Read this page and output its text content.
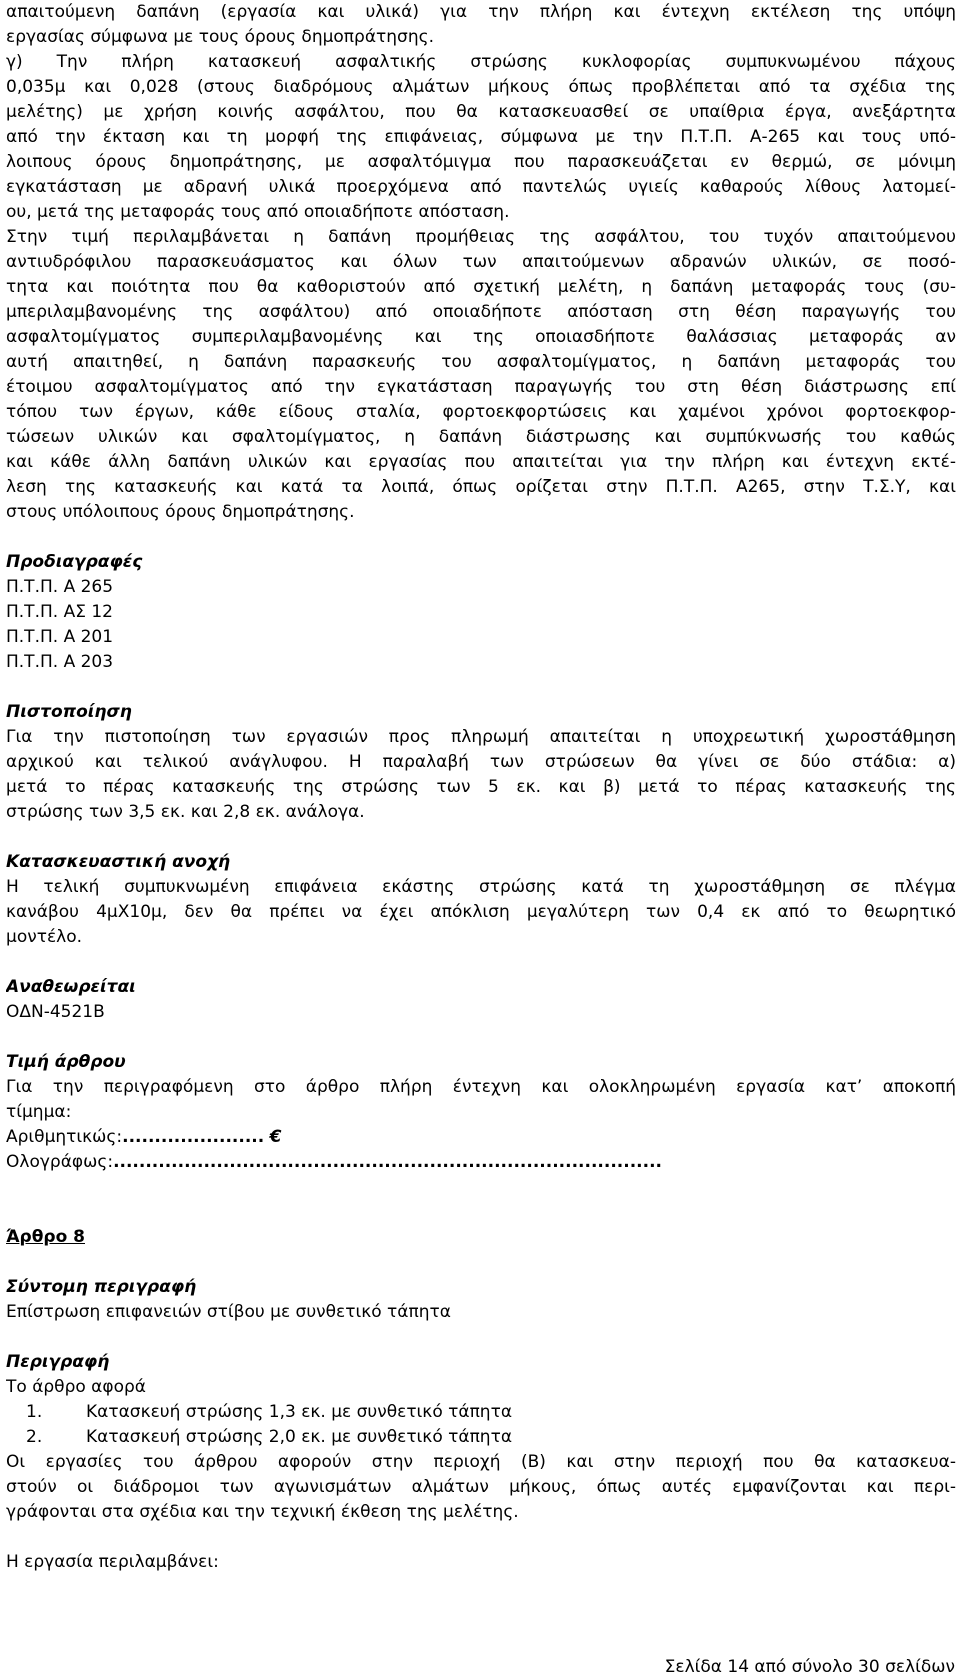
απαιτούμενη δαπάνη (εργασία και υλικά) για την πλήρη και έντεχνη εκτέλεση της υπόψη
εργασίας σύμφωνα με τους όρους δημοπράτησης.
γ) Την πλήρη κατασκευή ασφαλτικής στρώσης κυκλοφορίας συμπυκνωμένου πάχους
0,035μ και 0,028 (στους διαδρόμους αλμάτων μήκους όπως προβλέπεται από τα σχέδια της
μελέτης) με χρήση κοινής ασφάλτου, που θα κατασκευασθεί σε υπαίθρια έργα, ανεξάρτητα
από την έκταση και τη μορφή της επιφάνειας, σύμφωνα με την Π.Τ.Π. Α-265 και τους υπό-
λοιπους όρους δημοπράτησης, με ασφαλτόμιγμα που παρασκευάζεται εν θερμώ, σε μόνιμη
εγκατάσταση με αδρανή υλικά προερχόμενα από παντελώς υγιείς καθαρούς λίθους λατομεί-
ου, μετά της μεταφοράς τους από οποιαδήποτε απόσταση.
Στην τιμή περιλαμβάνεται η δαπάνη προμήθειας της ασφάλτου, του τυχόν απαιτούμενου
αντιυδρόφιλου παρασκευάσματος και όλων των απαιτούμενων αδρανών υλικών, σε ποσό-
τητα και ποιότητα που θα καθοριστούν από σχετική μελέτη, η δαπάνη μεταφοράς τους (συ-
μπεριλαμβανομένης της ασφάλτου) από οποιαδήποτε απόσταση στη θέση παραγωγής του
ασφαλτομίγματος συμπεριλαμβανομένης και της οποιασδήποτε θαλάσσιας μεταφοράς αν
αυτή απαιτηθεί, η δαπάνη παρασκευής του ασφαλτομίγματος, η δαπάνη μεταφοράς του
έτοιμου ασφαλτομίγματος από την εγκατάσταση παραγωγής του στη θέση διάστρωσης επί
τόπου των έργων, κάθε είδους σταλία, φορτοεκφορτώσεις και χαμένοι χρόνοι φορτοεκφορ-
τώσεων υλικών και σφαλτομίγματος, η δαπάνη διάστρωσης και συμπύκνωσής του καθώς
και κάθε άλλη δαπάνη υλικών και εργασίας που απαιτείται για την πλήρη και έντεχνη εκτέ-
λεση της κατασκευής και κατά τα λοιπά, όπως ορίζεται στην Π.Τ.Π. Α265, στην Τ.Σ.Υ, και
στους υπόλοιπους όρους δημοπράτησης.
Προδιαγραφές
Π.Τ.Π. Α 265
Π.Τ.Π. ΑΣ 12
Π.Τ.Π. Α 201
Π.Τ.Π. Α 203
Πιστοποίηση
Για την πιστοποίηση των εργασιών προς πληρωμή απαιτείται η υποχρεωτική χωροστάθμηση
αρχικού και τελικού ανάγλυφου. Η παραλαβή των στρώσεων θα γίνει σε δύο στάδια: α)
μετά το πέρας κατασκευής της στρώσης των 5 εκ. και β) μετά το πέρας κατασκευής της
στρώσης των 3,5 εκ. και 2,8 εκ. ανάλογα.
Κατασκευαστική ανοχή
Η τελική συμπυκνωμένη επιφάνεια εκάστης στρώσης κατά τη χωροστάθμηση σε πλέγμα
κανάβου 4μΧ10μ, δεν θα πρέπει να έχει απόκλιση μεγαλύτερη των 0,4 εκ από το θεωρητικό
μοντέλο.
Αναθεωρείται
ΟΔΝ-4521Β
Τιμή άρθρου
Για την περιγραφόμενη στο άρθρο πλήρη έντεχνη και ολοκληρωμένη εργασία κατ’ αποκοπή
τίμημα:
Αριθμητικώς:...................... €
Ολογράφως:.....................................................................................
Άρθρο 8
Σύντομη περιγραφή
Επίστρωση επιφανειών στίβου με συνθετικό τάπητα
Περιγραφή
Το άρθρο αφορά
1.	Κατασκευή στρώσης 1,3 εκ. με συνθετικό τάπητα
2.	Κατασκευή στρώσης 2,0 εκ. με συνθετικό τάπητα
Οι εργασίες του άρθρου αφορούν στην περιοχή (Β) και στην περιοχή που θα κατασκευα-
στούν οι διάδρομοι των αγωνισμάτων αλμάτων μήκους, όπως αυτές εμφανίζονται και περι-
γράφονται στα σχέδια και την τεχνική έκθεση της μελέτης.
Η εργασία περιλαμβάνει:
Σελίδα 14 από σύνολο 30 σελίδων
